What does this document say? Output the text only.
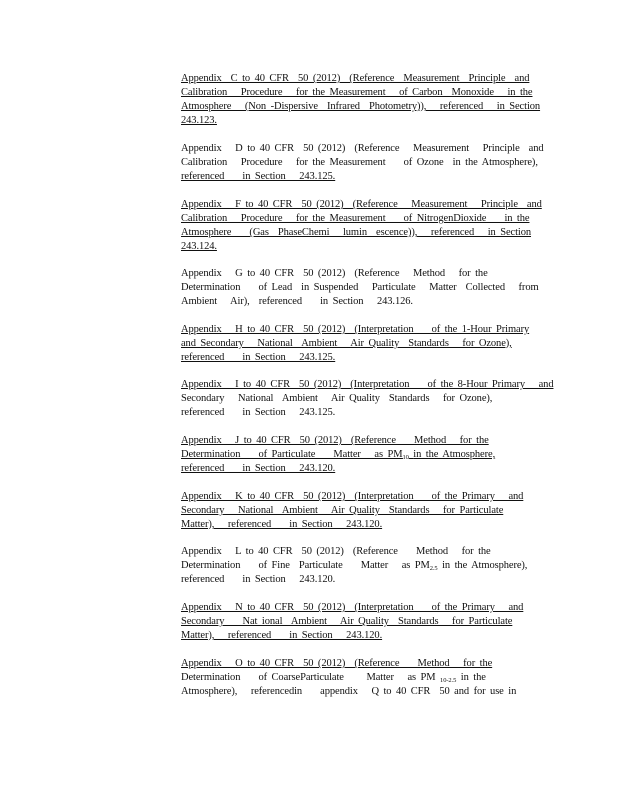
Appendix  C to 40 CFR  50 (2012)  (Reference  Measurement  Principle  and
Calibration   Procedure   for the Measurement   of Carbon  Monoxide   in the
Atmosphere   (Non -Dispersive  Infrared  Photometry)),   referenced   in Section
243.123.
Appendix   D to 40 CFR  50 (2012)  (Reference   Measurement   Principle  and
Calibration   Procedure   for the Measurement    of Ozone  in the Atmosphere),
referenced    in Section   243.125.
Appendix   F to 40 CFR  50 (2012)  (Reference   Measurement   Principle  and
Calibration   Procedure   for the Measurement    of NitrogenDioxide    in the
Atmosphere    (Gas  PhaseChemi   lumin  escence)),   referenced   in Section
243.124.
Appendix   G to 40 CFR  50 (2012)  (Reference   Method   for the
Determination    of Lead  in Suspended   Particulate   Matter  Collected   from
Ambient   Air),  referenced    in Section   243.126.
Appendix   H to 40 CFR  50 (2012)  (Interpretation    of the 1-Hour Primary
and Secondary   National  Ambient   Air Quality  Standards   for Ozone),
referenced    in Section   243.125.
Appendix   I to 40 CFR  50 (2012)  (Interpretation    of the 8-Hour Primary   and
Secondary   National  Ambient   Air Quality  Standards   for Ozone),
referenced    in Section   243.125.
Appendix   J to 40 CFR  50 (2012)  (Reference    Method   for the
Determination    of Particulate    Matter   as $PM_{10}$ in the Atmosphere,
referenced    in Section   243.120.
Appendix   K to 40 CFR  50 (2012)  (Interpretation    of the Primary   and
Secondary   National  Ambient   Air Quality  Standards   for Particulate
Matter),   referenced    in Section   243.120.
Appendix   L to 40 CFR  50 (2012)  (Reference    Method   for the
Determination    of Fine  Particulate    Matter   as $PM_{2.5}$ in the Atmosphere),
referenced    in Section   243.120.
Appendix   N to 40 CFR  50 (2012)  (Interpretation    of the Primary   and
Secondary    Nat ional  Ambient   Air Quality  Standards   for Particulate
Matter),   referenced    in Section   243.120.
Appendix   O to 40 CFR  50 (2012)  (Reference    Method   for the
Determination    of CoarseParticulate     Matter   as PM $_{10-2.5}$ in the
Atmosphere),   referencedin    appendix   Q to 40 CFR  50 and for use in
